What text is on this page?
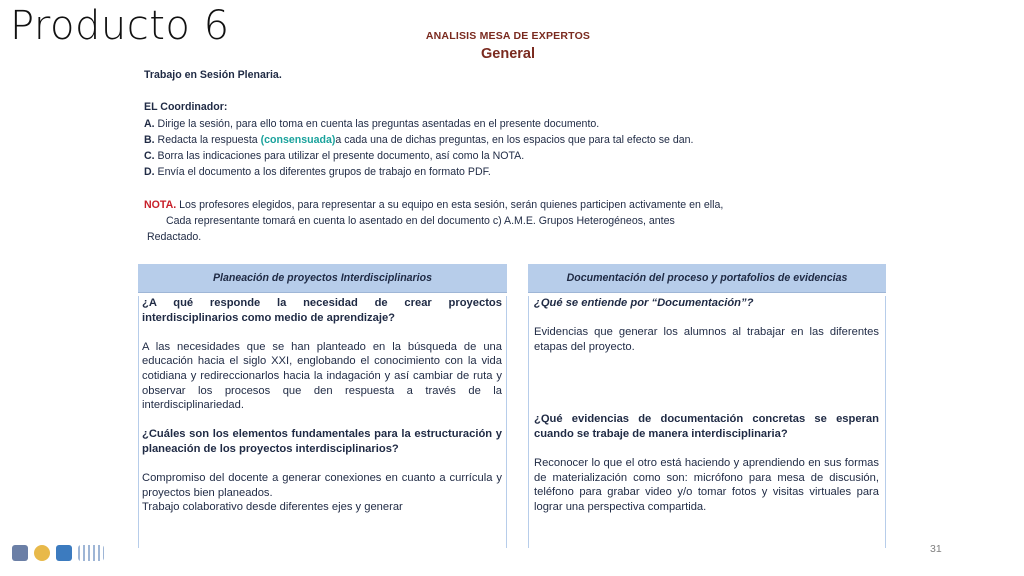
Producto 6	ANALISIS MESA DE EXPERTOS
General

Trabajo en Sesión Plenaria.

EL Coordinador:

A. Dirige la sesión, para ello toma en cuenta las preguntas asentadas en el presente documento.

B. Redacta la respuesta (consensuada)a cada una de dichas preguntas, en los espacios que para tal efecto se dan.

C. Borra las indicaciones para utilizar el presente documento, así como la NOTA.

D. Envía el documento a los diferentes grupos de trabajo en formato PDF.

NOTA. Los profesores elegidos, para representar a su equipo en esta sesión, serán quienes participen activamente en ella,

Cada representante tomará en cuenta lo asentado en del documento c) A.M.E. Grupos Heterogéneos, antes

Redactado.

Planeación de proyectos Interdisciplinarios	Documentación del proceso y portafolios de evidencias

¿A qué responde la necesidad de crear proyectos interdisciplinarios como medio de aprendizaje?

A las necesidades que se han planteado en la búsqueda de una educación hacia el siglo XXI, englobando el conocimiento con la vida cotidiana y redireccionarlos hacia la indagación y así cambiar de ruta y observar los procesos que den respuesta a través de la interdisciplinariedad.

¿Cuáles son los elementos fundamentales para la estructuración y planeación de los proyectos interdisciplinarios?

Compromiso del docente a generar conexiones en cuanto a currícula y proyectos bien planeados.

Trabajo colaborativo desde diferentes ejes y generar

¿Qué se entiende por “Documentación”?

Evidencias que generar los alumnos al trabajar en las diferentes etapas del proyecto.

¿Qué evidencias de documentación concretas se esperan cuando se trabaje de manera interdisciplinaria?

Reconocer lo que el otro está haciendo y aprendiendo en sus formas de materialización como son: micrófono para mesa de discusión, teléfono para grabar video y/o tomar fotos y visitas virtuales para lograr una perspectiva compartida.

31
